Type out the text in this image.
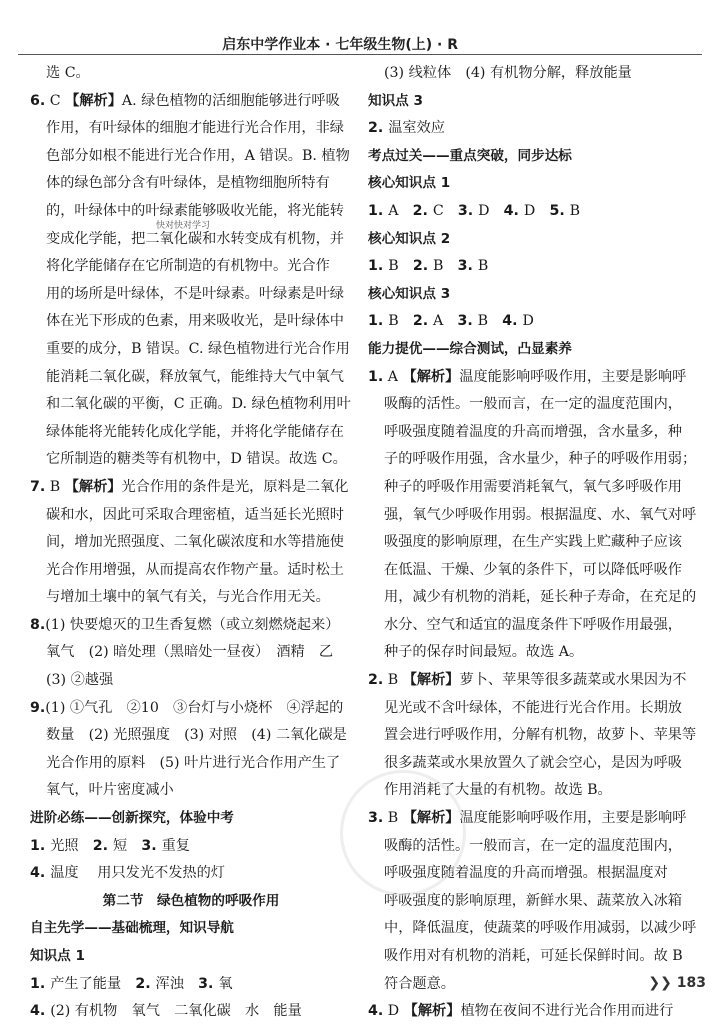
启东中学作业本 · 七年级生物(上) · R
选 C。
6. C 【解析】A. 绿色植物的活细胞能够进行呼吸
作用，有叶绿体的细胞才能进行光合作用，非绿
色部分如根不能进行光合作用，A 错误。B. 植物
体的绿色部分含有叶绿体，是植物细胞所特有
的，叶绿体中的叶绿素能够吸收光能，将光能转
变成化学能，把二氧化碳和水转变成有机物，并
将化学能储存在它所制造的有机物中。光合作
用的场所是叶绿体，不是叶绿素。叶绿素是叶绿
体在光下形成的色素，用来吸收光，是叶绿体中
重要的成分，B 错误。C. 绿色植物进行光合作用
能消耗二氧化碳，释放氧气，能维持大气中氧气
和二氧化碳的平衡，C 正确。D. 绿色植物利用叶
绿体能将光能转化成化学能，并将化学能储存在
它所制造的糖类等有机物中，D 错误。故选 C。
7. B 【解析】光合作用的条件是光，原料是二氧化
碳和水，因此可采取合理密植，适当延长光照时
间，增加光照强度、二氧化碳浓度和水等措施使
光合作用增强，从而提高农作物产量。适时松土
与增加土壤中的氧气有关，与光合作用无关。
8.(1) 快要熄灭的卫生香复燃（或立刻燃烧起来）
氧气　(2) 暗处理（黑暗处一昼夜）　酒精　乙
(3) ②越强
9.(1) ①气孔　②10　③台灯与小烧杯　④浮起的
数量　(2) 光照强度　(3) 对照　(4) 二氧化碳是
光合作用的原料　(5) 叶片进行光合作用产生了
氧气，叶片密度减小
进阶必练——创新探究，体验中考
1. 光照　2. 短　3. 重复
4. 温度　 用只发光不发热的灯
第二节　绿色植物的呼吸作用
自主先学——基础梳理，知识导航
知识点 1
1. 产生了能量　2. 浑浊　3. 氧
4. (2) 有机物　氧气　二氧化碳　水　能量
(3) 线粒体　(4) 有机物分解，释放能量
知识点 3
2. 温室效应
考点过关——重点突破，同步达标
核心知识点 1
1. A　2. C　3. D　4. D　5. B
核心知识点 2
1. B　2. B　3. B
核心知识点 3
1. B　2. A　3. B　4. D
能力提优——综合测试，凸显素养
1. A 【解析】温度能影响呼吸作用，主要是影响呼
吸酶的活性。一般而言，在一定的温度范围内，
呼吸强度随着温度的升高而增强，含水量多，种
子的呼吸作用强，含水量少，种子的呼吸作用弱；
种子的呼吸作用需要消耗氧气，氧气多呼吸作用
强，氧气少呼吸作用弱。根据温度、水、氧气对呼
吸强度的影响原理，在生产实践上贮藏种子应该
在低温、干燥、少氧的条件下，可以降低呼吸作
用，减少有机物的消耗，延长种子寿命，在充足的
水分、空气和适宜的温度条件下呼吸作用最强，
种子的保存时间最短。故选 A。
2. B 【解析】萝卜、苹果等很多蔬菜或水果因为不
见光或不含叶绿体，不能进行光合作用。长期放
置会进行呼吸作用，分解有机物，故萝卜、苹果等
很多蔬菜或水果放置久了就会空心，是因为呼吸
作用消耗了大量的有机物。故选 B。
3. B 【解析】温度能影响呼吸作用，主要是影响呼
吸酶的活性。一般而言，在一定的温度范围内，
呼吸强度随着温度的升高而增强。根据温度对
呼吸强度的影响原理，新鲜水果、蔬菜放入冰箱
中，降低温度，使蔬菜的呼吸作用减弱，以减少呼
吸作用对有机物的消耗，可延长保鲜时间。故 B
符合题意。
4. D 【解析】植物在夜间不进行光合作用而进行
快对快对学习
❯❯ 183
